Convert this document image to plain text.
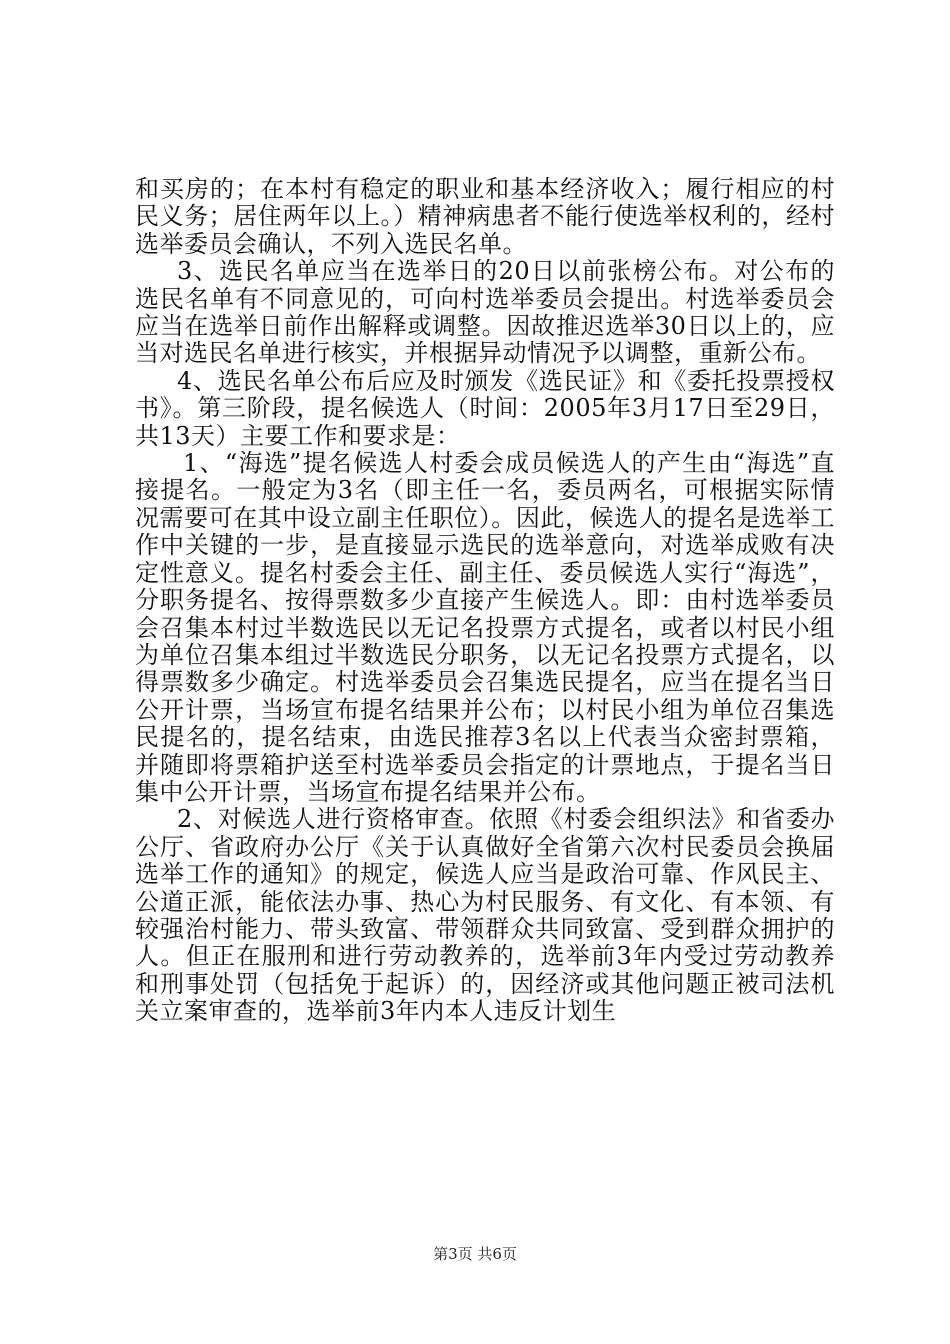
和买房的；在本村有稳定的职业和基本经济收入；履行相应的村民义务；居住两年以上。）精神病患者不能行使选举权利的，经村选举委员会确认，不列入选民名单。

3、选民名单应当在选举日的20日以前张榜公布。对公布的选民名单有不同意见的，可向村选举委员会提出。村选举委员会应当在选举日前作出解释或调整。因故推迟选举30日以上的，应当对选民名单进行核实，并根据异动情况予以调整，重新公布。

4、选民名单公布后应及时颁发《选民证》和《委托投票授权书》。第三阶段，提名候选人（时间：2005年3月17日至29日，共13天）主要工作和要求是：

1、“海选”提名候选人村委会成员候选人的产生由“海选”直接提名。一般定为3名（即主任一名，委员两名，可根据实际情况需要可在其中设立副主任职位）。因此，候选人的提名是选举工作中关键的一步，是直接显示选民的选举意向，对选举成败有决定性意义。提名村委会主任、副主任、委员候选人实行“海选”，分职务提名、按得票数多少直接产生候选人。即：由村选举委员会召集本村过半数选民以无记名投票方式提名，或者以村民小组为单位召集本组过半数选民分职务，以无记名投票方式提名，以得票数多少确定。村选举委员会召集选民提名，应当在提名当日公开计票，当场宣布提名结果并公布；以村民小组为单位召集选民提名的，提名结束，由选民推荐3名以上代表当众密封票箱，并随即将票箱护送至村选举委员会指定的计票地点，于提名当日集中公开计票，当场宣布提名结果并公布。

2、对候选人进行资格审查。依照《村委会组织法》和省委办公厅、省政府办公厅《关于认真做好全省第六次村民委员会换届选举工作的通知》的规定，候选人应当是政治可靠、作风民主、公道正派，能依法办事、热心为村民服务、有文化、有本领、有较强治村能力、带头致富、带领群众共同致富、受到群众拥护的人。但正在服刑和进行劳动教养的，选举前3年内受过劳动教养和刑事处罚（包括免于起诉）的，因经济或其他问题正被司法机关立案审查的，选举前3年内本人违反计划生

第3页 共6页
